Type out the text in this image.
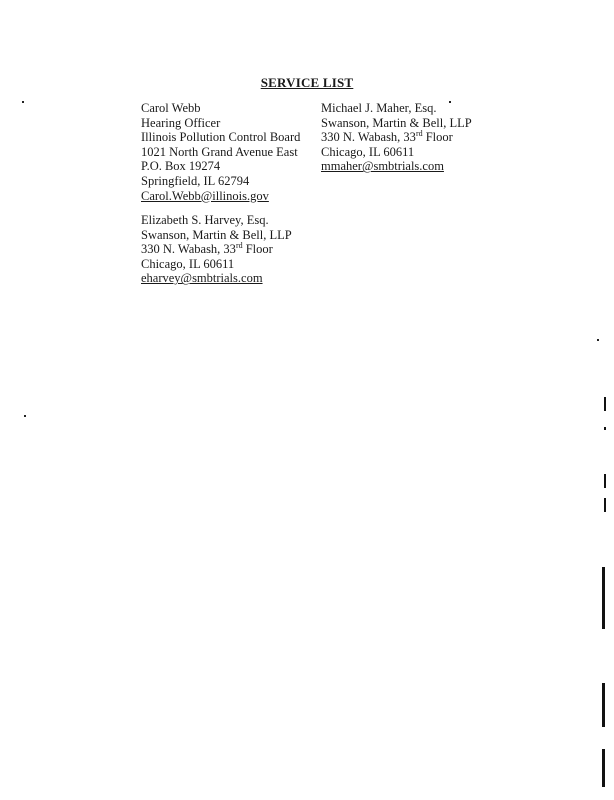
SERVICE LIST
Carol Webb
Hearing Officer
Illinois Pollution Control Board
1021 North Grand Avenue East
P.O. Box 19274
Springfield, IL 62794
Carol.Webb@illinois.gov
Elizabeth S. Harvey, Esq.
Swanson, Martin & Bell, LLP
330 N. Wabash, 33rd Floor
Chicago, IL 60611
eharvey@smbtrials.com
Michael J. Maher, Esq.
Swanson, Martin & Bell, LLP
330 N. Wabash, 33rd Floor
Chicago, IL 60611
mmaher@smbtrials.com
